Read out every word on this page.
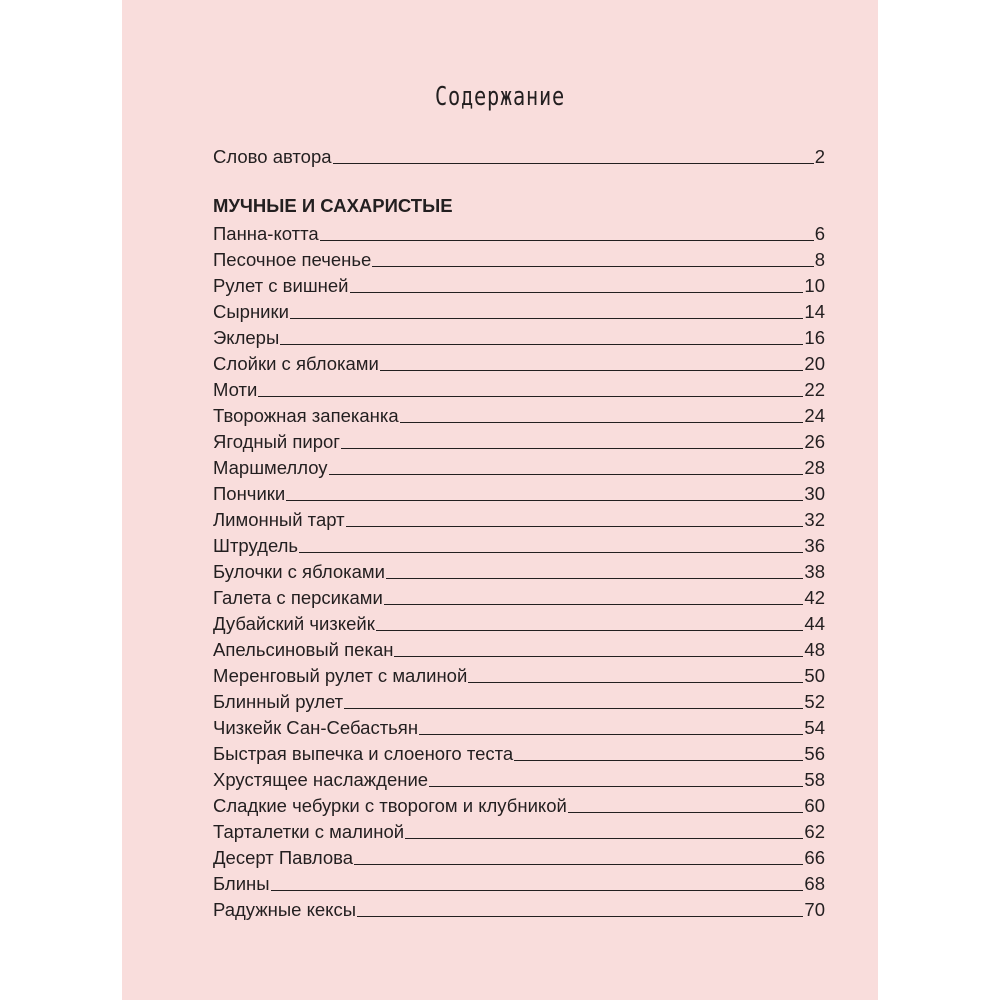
Содержание
Слово автора	2
МУЧНЫЕ И САХАРИСТЫЕ
Панна-котта	6
Песочное печенье	8
Рулет с вишней	10
Сырники	14
Эклеры	16
Слойки с яблоками	20
Моти	22
Творожная запеканка	24
Ягодный пирог	26
Маршмеллоу	28
Пончики	30
Лимонный тарт	32
Штрудель	36
Булочки с яблоками	38
Галета с персиками	42
Дубайский чизкейк	44
Апельсиновый пекан	48
Меренговый рулет с малиной	50
Блинный рулет	52
Чизкейк Сан-Себастьян	54
Быстрая выпечка и слоеного теста	56
Хрустящее наслаждение	58
Сладкие чебурки с творогом и клубникой	60
Тарталетки с малиной	62
Десерт Павлова	66
Блины	68
Радужные кексы	70
